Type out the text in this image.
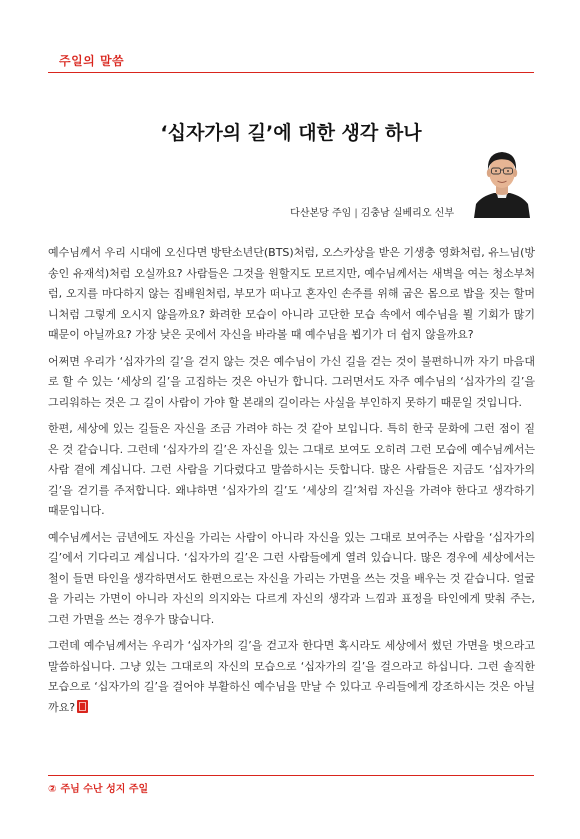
주일의 말씀
‘십자가의 길’에 대한 생각 하나
다산본당 주임 | 김충남 실베리오 신부

예수님께서 우리 시대에 오신다면 방탄소년단(BTS)처럼, 오스카상을 받은 기생충 영화처럼, 유느님(방송인 유재석)처럼 오실까요? 사람들은 그것을 원할지도 모르지만, 예수님께서는 새벽을 여는 청소부처럼, 오지를 마다하지 않는 집배원처럼, 부모가 떠나고 혼자인 손주를 위해 굽은 몸으로 밥을 짓는 할머니처럼 그렇게 오시지 않을까요? 화려한 모습이 아니라 고단한 모습 속에서 예수님을 뵐 기회가 많기 때문이 아닐까요? 가장 낮은 곳에서 자신을 바라볼 때 예수님을 뵙기가 더 쉽지 않을까요?

어쩌면 우리가 ‘십자가의 길’을 걷지 않는 것은 예수님이 가신 길을 걷는 것이 불편하니까 자기 마음대로 할 수 있는 ‘세상의 길’을 고집하는 것은 아닌가 합니다. 그러면서도 자주 예수님의 ‘십자가의 길’을 그리워하는 것은 그 길이 사람이 가야 할 본래의 길이라는 사실을 부인하지 못하기 때문일 것입니다.

한편, 세상에 있는 길들은 자신을 조금 가려야 하는 것 같아 보입니다. 특히 한국 문화에 그런 점이 짙은 것 같습니다. 그런데 ‘십자가의 길’은 자신을 있는 그대로 보여도 오히려 그런 모습에 예수님께서는 사람 곁에 계십니다. 그런 사람을 기다렸다고 말씀하시는 듯합니다. 많은 사람들은 지금도 ‘십자가의 길’을 걷기를 주저합니다. 왜냐하면 ‘십자가의 길’도 ‘세상의 길’처럼 자신을 가려야 한다고 생각하기 때문입니다.

예수님께서는 금년에도 자신을 가리는 사람이 아니라 자신을 있는 그대로 보여주는 사람을 ‘십자가의 길’에서 기다리고 계십니다. ‘십자가의 길’은 그런 사람들에게 열려 있습니다. 많은 경우에 세상에서는 철이 들면 타인을 생각하면서도 한편으로는 자신을 가리는 가면을 쓰는 것을 배우는 것 같습니다. 얼굴을 가리는 가면이 아니라 자신의 의지와는 다르게 자신의 생각과 느낌과 표정을 타인에게 맞춰 주는, 그런 가면을 쓰는 경우가 많습니다.

그런데 예수님께서는 우리가 ‘십자가의 길’을 걷고자 한다면 혹시라도 세상에서 썼던 가면을 벗으라고 말씀하십니다. 그냥 있는 그대로의 자신의 모습으로 ‘십자가의 길’을 걸으라고 하십니다. 그런 솔직한 모습으로 ‘십자가의 길’을 걸어야 부활하신 예수님을 만날 수 있다고 우리들에게 강조하시는 것은 아닐까요?

② 주님 수난 성지 주일
